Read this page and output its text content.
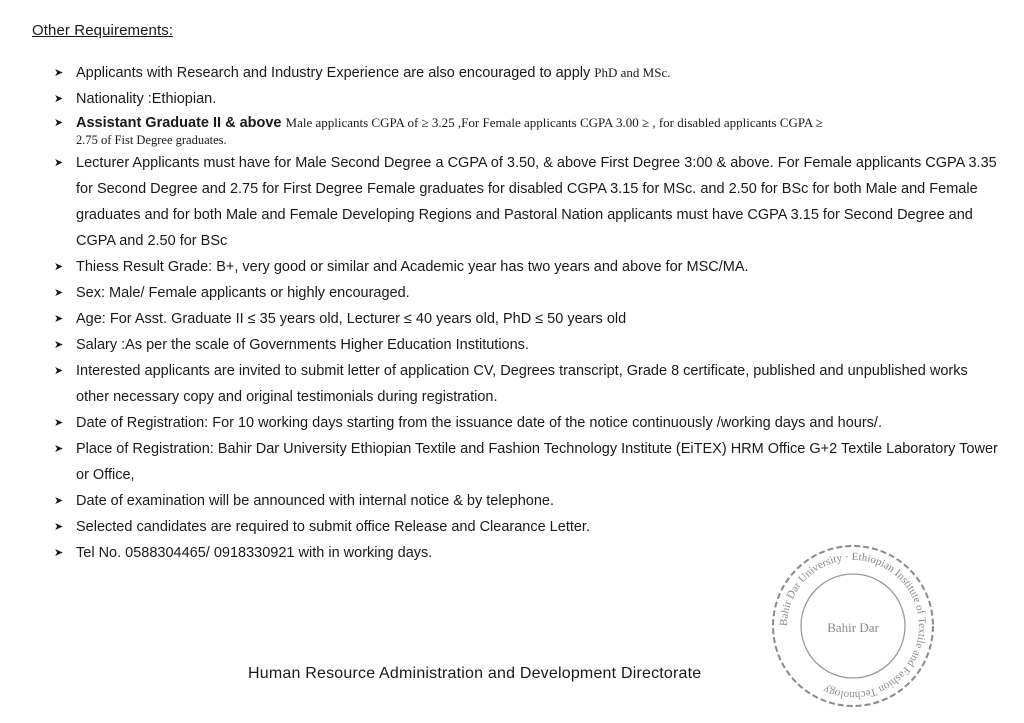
Other Requirements:
➤ Applicants with Research and Industry Experience are also encouraged to apply PhD and MSc.
➤ Nationality :Ethiopian.
➤ Assistant Graduate II & above Male applicants CGPA of ≥ 3.25 ,For Female applicants CGPA 3.00 ≥ , for disabled applicants CGPA ≥
2.75 of Fist Degree graduates.
➤ Lecturer Applicants must have for Male Second Degree a CGPA of 3.50, & above First Degree 3:00 & above. For Female applicants CGPA 3.35 for Second Degree and 2.75 for First Degree Female graduates for disabled CGPA 3.15 for MSc. and 2.50 for BSc for both Male and Female graduates and for both Male and Female Developing Regions and Pastoral Nation applicants must have CGPA 3.15 for Second Degree and CGPA and 2.50 for BSc
➤ Thiess Result Grade: B+, very good or similar and Academic year has two years and above for MSC/MA.
➤ Sex: Male/ Female applicants or highly encouraged.
➤ Age: For Asst. Graduate II ≤ 35 years old, Lecturer ≤ 40 years old, PhD ≤ 50 years old
➤ Salary :As per the scale of Governments Higher Education Institutions.
➤ Interested applicants are invited to submit letter of application CV, Degrees transcript, Grade 8 certificate, published and unpublished works other necessary copy and original testimonials during registration.
➤ Date of Registration: For 10 working days starting from the issuance date of the notice continuously /working days and hours/.
➤ Place of Registration: Bahir Dar University Ethiopian Textile and Fashion Technology Institute (EiTEX) HRM Office G+2 Textile Laboratory Tower or Office,
➤ Date of examination will be announced with internal notice & by telephone.
➤ Selected candidates are required to submit office Release and Clearance Letter.
➤ Tel No. 0588304465/ 0918330921 with in working days.
Bahir Dar University · Ethiopian Institute of Textile and Fashion Technology
Bahir Dar
Human Resource Administration and Development Directorate
